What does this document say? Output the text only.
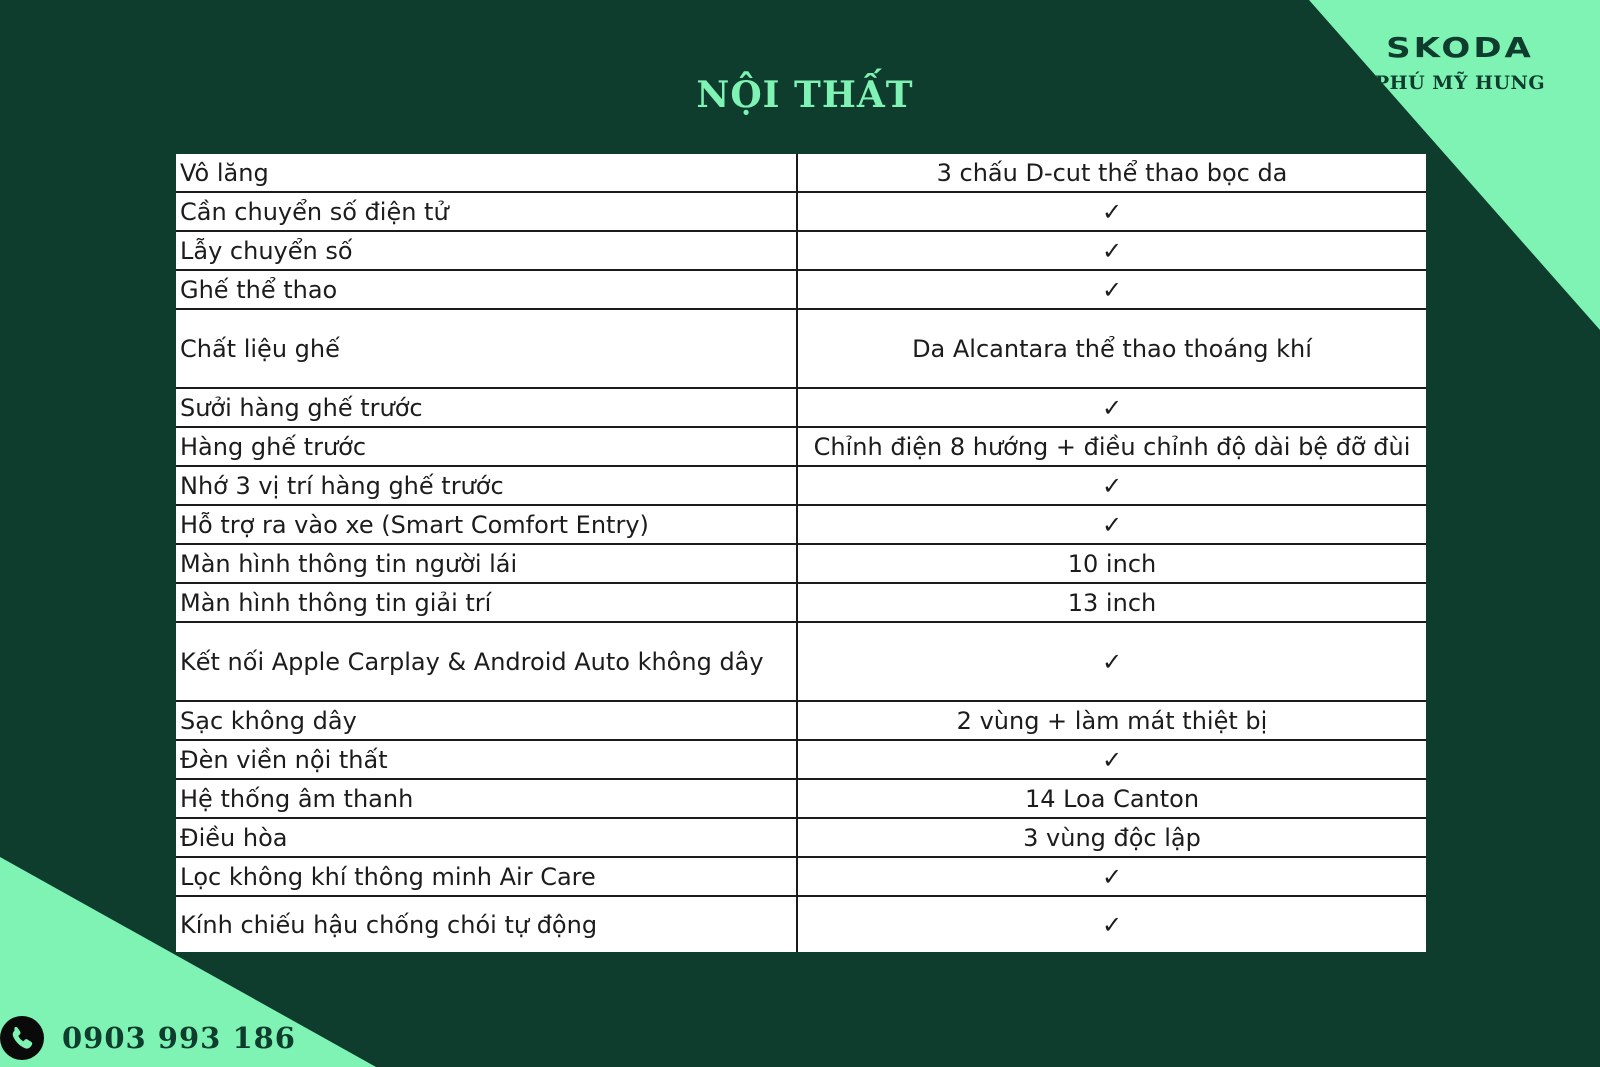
SKODA
PHÚ MỸ HUNG
NỘI THẤT
Vô lăng	3 chấu D-cut thể thao bọc da
Cần chuyển số điện tử	✓
Lẫy chuyển số	✓
Ghế thể thao	✓
Chất liệu ghế	Da Alcantara thể thao thoáng khí
Sưởi hàng ghế trước	✓
Hàng ghế trước	Chỉnh điện 8 hướng + điều chỉnh độ dài bệ đỡ đùi
Nhớ 3 vị trí hàng ghế trước	✓
Hỗ trợ ra vào xe (Smart Comfort Entry)	✓
Màn hình thông tin người lái	10 inch
Màn hình thông tin giải trí	13 inch
Kết nối Apple Carplay & Android Auto không dây	✓
Sạc không dây	2 vùng + làm mát thiệt bị
Đèn viền nội thất	✓
Hệ thống âm thanh	14 Loa Canton
Điều hòa	3 vùng độc lập
Lọc không khí thông minh Air Care	✓
Kính chiếu hậu chống chói tự động	✓
0903 993 186
